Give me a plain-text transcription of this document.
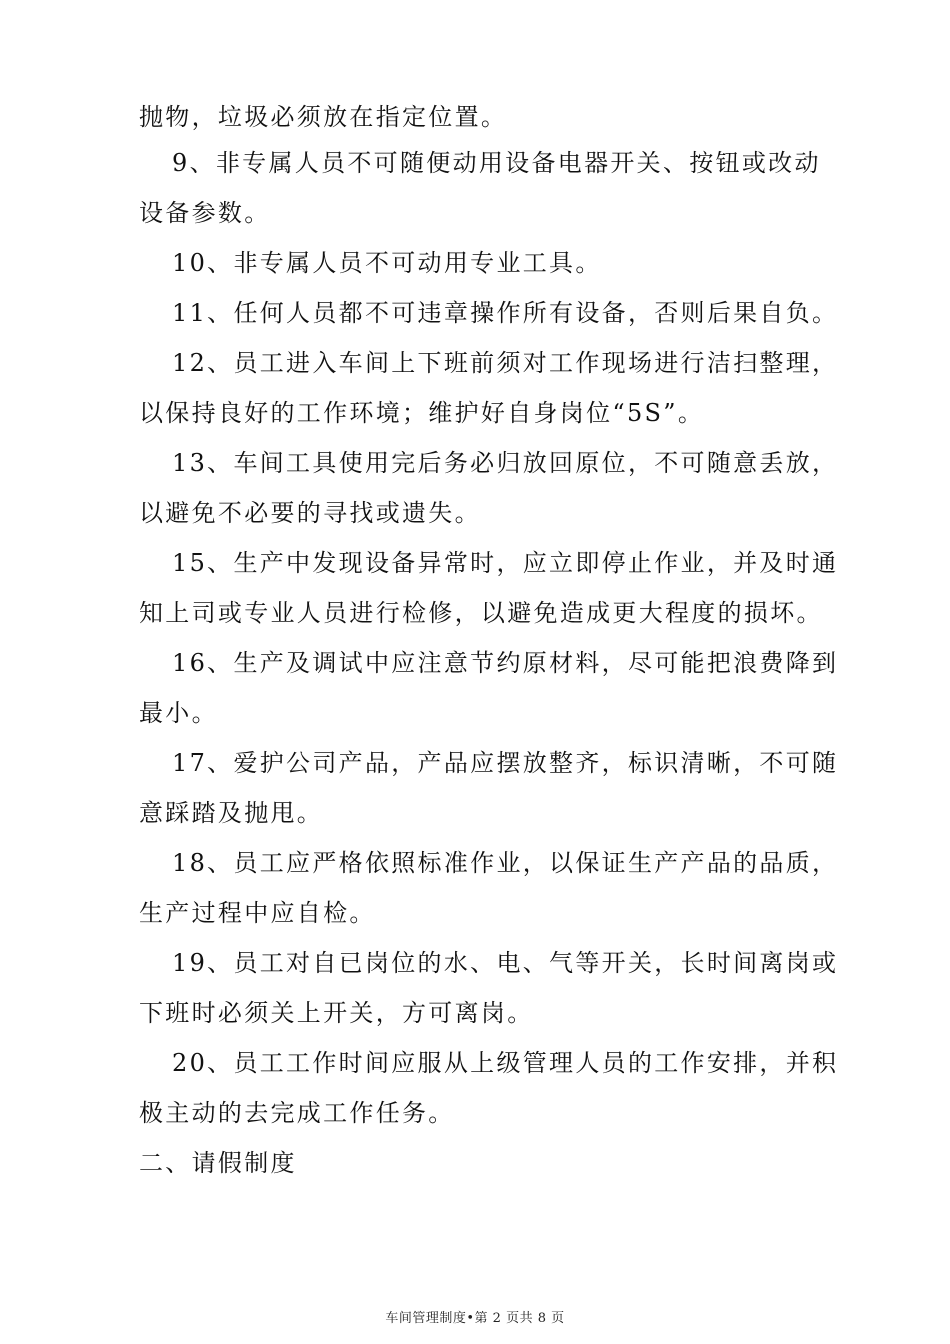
抛物，垃圾必须放在指定位置。
9、非专属人员不可随便动用设备电器开关、按钮或改动
设备参数。
10、非专属人员不可动用专业工具。
11、任何人员都不可违章操作所有设备，否则后果自负。
12、员工进入车间上下班前须对工作现场进行洁扫整理，
以保持良好的工作环境；维护好自身岗位“5S”。
13、车间工具使用完后务必归放回原位，不可随意丢放，
以避免不必要的寻找或遗失。
15、生产中发现设备异常时，应立即停止作业，并及时通
知上司或专业人员进行检修，以避免造成更大程度的损坏。
16、生产及调试中应注意节约原材料，尽可能把浪费降到
最小。
17、爱护公司产品，产品应摆放整齐，标识清晰，不可随
意踩踏及抛甩。
18、员工应严格依照标准作业，以保证生产产品的品质，
生产过程中应自检。
19、员工对自已岗位的水、电、气等开关，长时间离岗或
下班时必须关上开关，方可离岗。
20、员工工作时间应服从上级管理人员的工作安排，并积
极主动的去完成工作任务。
二、请假制度
车间管理制度•第 2 页共 8 页
